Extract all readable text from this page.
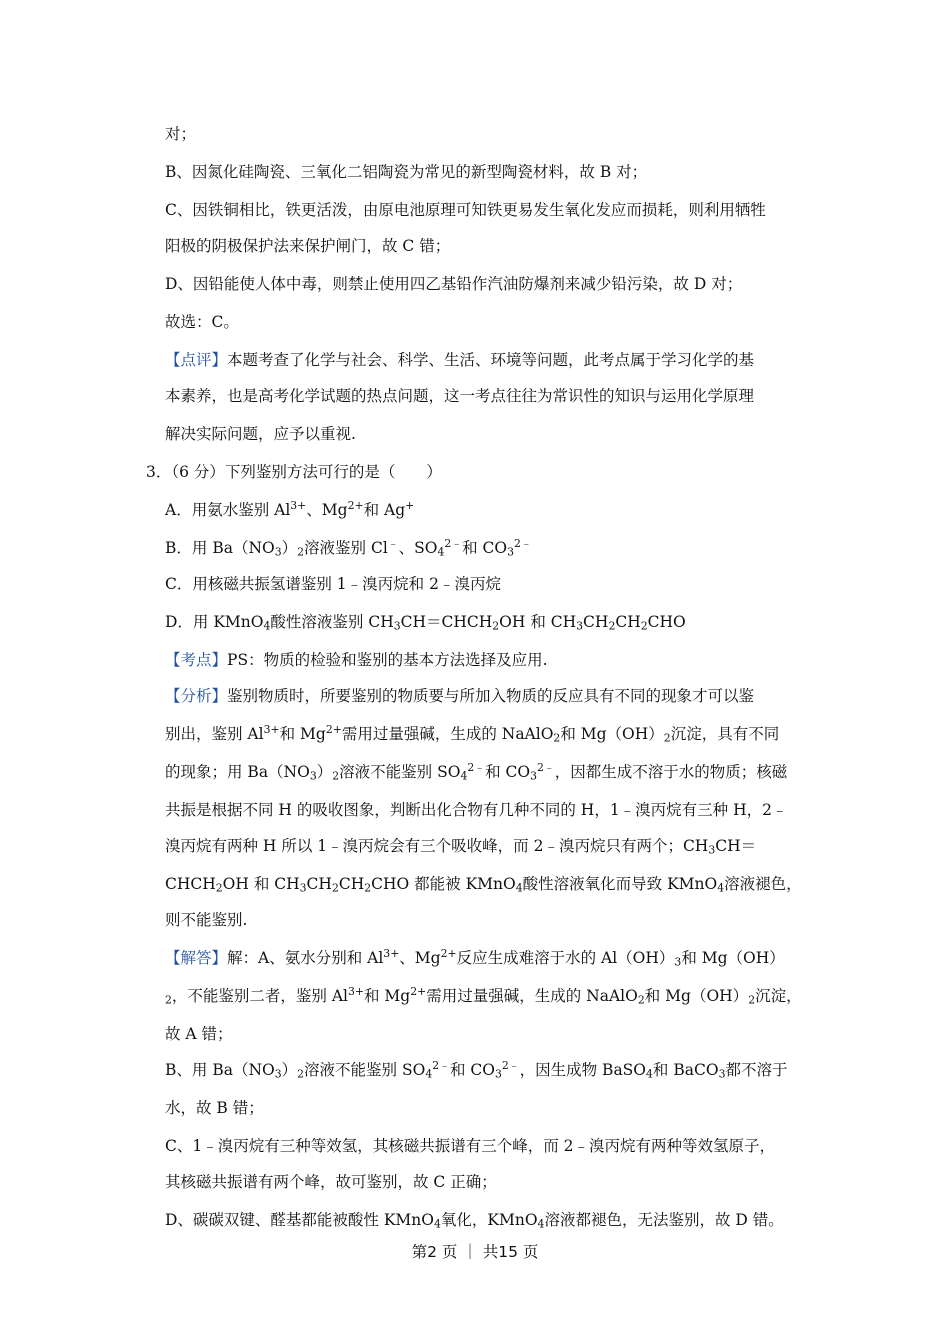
对；
B、因氮化硅陶瓷、三氧化二铝陶瓷为常见的新型陶瓷材料，故 B 对；
C、因铁铜相比，铁更活泼，由原电池原理可知铁更易发生氧化发应而损耗，则利用牺牲
阳极的阴极保护法来保护闸门，故 C 错；
D、因铅能使人体中毒，则禁止使用四乙基铅作汽油防爆剂来减少铅污染，故 D 对；
故选：C。
【点评】本题考查了化学与社会、科学、生活、环境等问题，此考点属于学习化学的基
本素养，也是高考化学试题的热点问题，这一考点往往为常识性的知识与运用化学原理
解决实际问题，应予以重视.
3．（6 分）下列鉴别方法可行的是（　　）
A．用氨水鉴别 $Al^{3+}$、$Mg^{2+}$和 Ag+
B．用 $Ba(NO_3)_2$溶液鉴别 Cl﹣、$SO_4^{2﹣}$和 $CO_3^{2﹣}$
C．用核磁共振氢谱鉴别 1﹣溴丙烷和 2﹣溴丙烷
D．用 KMnO$_4$酸性溶液鉴别 $CH_3CH=CHCH_2OH$ 和 $CH_3CH_2CH_2CHO$
【考点】PS：物质的检验和鉴别的基本方法选择及应用.
【分析】鉴别物质时，所要鉴别的物质要与所加入物质的反应具有不同的现象才可以鉴
别出，鉴别 $Al^{3+}$和 $Mg^{2+}$需用过量强碱，生成的 NaAlO$_2$和 $Mg(OH)_2$沉淀，具有不同
的现象；用 $Ba(NO_3)_2$溶液不能鉴别 $SO_4^{2﹣}$和 $CO_3^{2﹣}$，因都生成不溶于水的物质；核磁
共振是根据不同 H 的吸收图象，判断出化合物有几种不同的 H，1﹣溴丙烷有三种 H，2﹣
溴丙烷有两种 H 所以 1﹣溴丙烷会有三个吸收峰，而 2﹣溴丙烷只有两个；$CH_3CH=$
$CHCH_2OH$ 和 $CH_3CH_2CH_2CHO$ 都能被 KMnO$_4$酸性溶液氧化而导致 KMnO$_4$溶液褪色，
则不能鉴别.
【解答】解：A、氨水分别和 $Al^{3+}$、$Mg^{2+}$反应生成难溶于水的 $Al(OH)_3$和 Mg（OH）
$_2$，不能鉴别二者，鉴别 $Al^{3+}$和 $Mg^{2+}$需用过量强碱，生成的 NaAlO$_2$和 $Mg(OH)_2$沉淀，
故 A 错；
B、用 $Ba(NO_3)_2$溶液不能鉴别 $SO_4^{2﹣}$和 $CO_3^{2﹣}$，因生成物 BaSO$_4$和 BaCO$_3$都不溶于
水，故 B 错；
C、1﹣溴丙烷有三种等效氢，其核磁共振谱有三个峰，而 2﹣溴丙烷有两种等效氢原子，
其核磁共振谱有两个峰，故可鉴别，故 C 正确；
D、碳碳双键、醛基都能被酸性 KMnO$_4$氧化，KMnO$_4$溶液都褪色，无法鉴别，故 D 错。
第2 页 ｜ 共15 页
